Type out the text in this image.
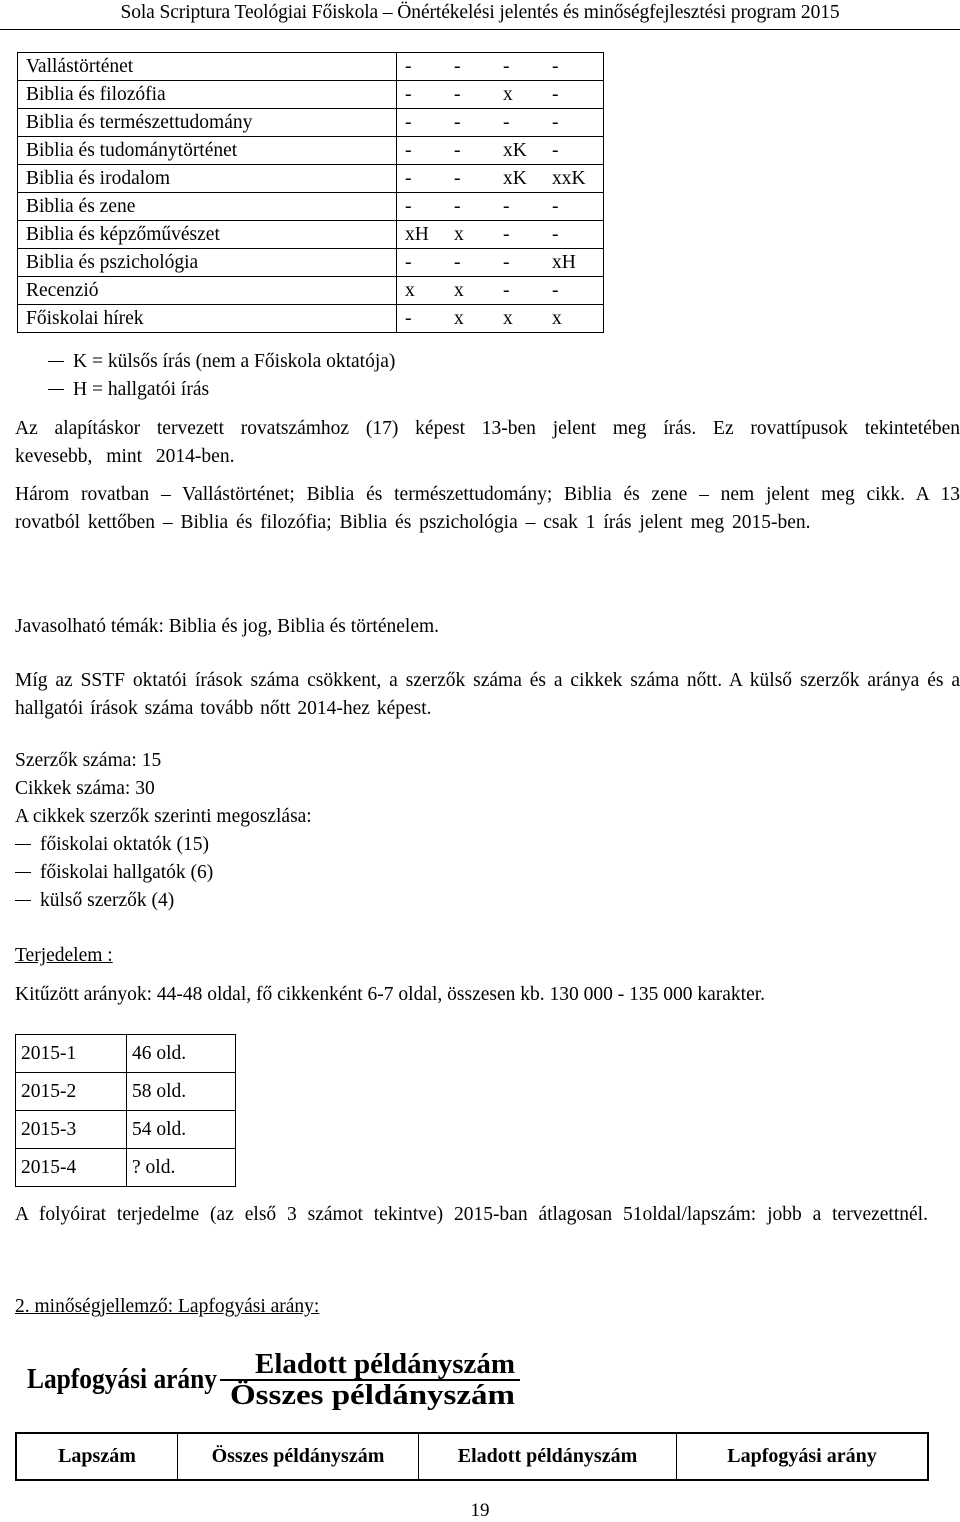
Sola Scriptura Teológiai Főiskola – Önértékelési jelentés és minőségfejlesztési program 2015
Vallástörténet	- - - -
Biblia és filozófia	- - x -
Biblia és természettudomány	- - - -
Biblia és tudománytörténet	- - xK -
Biblia és irodalom	- - xK xxK
Biblia és zene	- - - -
Biblia és képzőművészet	xH x - -
Biblia és pszichológia	- - - xH
Recenzió	x x - -
Főiskolai hírek	- x x x
K = külsős írás (nem a Főiskola oktatója)
H = hallgatói írás

Az alapításkor tervezett rovatszámhoz (17) képest 13-ben jelent meg írás. Ez rovattípusok tekintetében kevesebb, mint 2014-ben.

Három rovatban – Vallástörténet; Biblia és természettudomány; Biblia és zene – nem jelent meg cikk. A 13 rovatból kettőben – Biblia és filozófia; Biblia és pszichológia – csak 1 írás jelent meg 2015-ben.

Javasolható témák: Biblia és jog, Biblia és történelem.

Míg az SSTF oktatói írások száma csökkent, a szerzők száma és a cikkek száma nőtt. A külső szerzők aránya és a hallgatói írások száma tovább nőtt 2014-hez képest.

Szerzők száma: 15
Cikkek száma: 30
A cikkek szerzők szerinti megoszlása:
főiskolai oktatók (15)
főiskolai hallgatók (6)
külső szerzők (4)
Terjedelem :
Kitűzött arányok: 44-48 oldal, fő cikkenként 6-7 oldal, összesen kb. 130 000 - 135 000 karakter.
2015-1	46 old.
2015-2	58 old.
2015-3	54 old.
2015-4	? old.

A folyóirat terjedelme (az első 3 számot tekintve) 2015-ban átlagosan 51oldal/lapszám: jobb a tervezettnél.

2. minőségjellemző: Lapfogyási arány:
Lapfogyási arány Eladott példányszám
Összes példányszám
Lapszám	Összes példányszám	Eladott példányszám	Lapfogyási arány
19
